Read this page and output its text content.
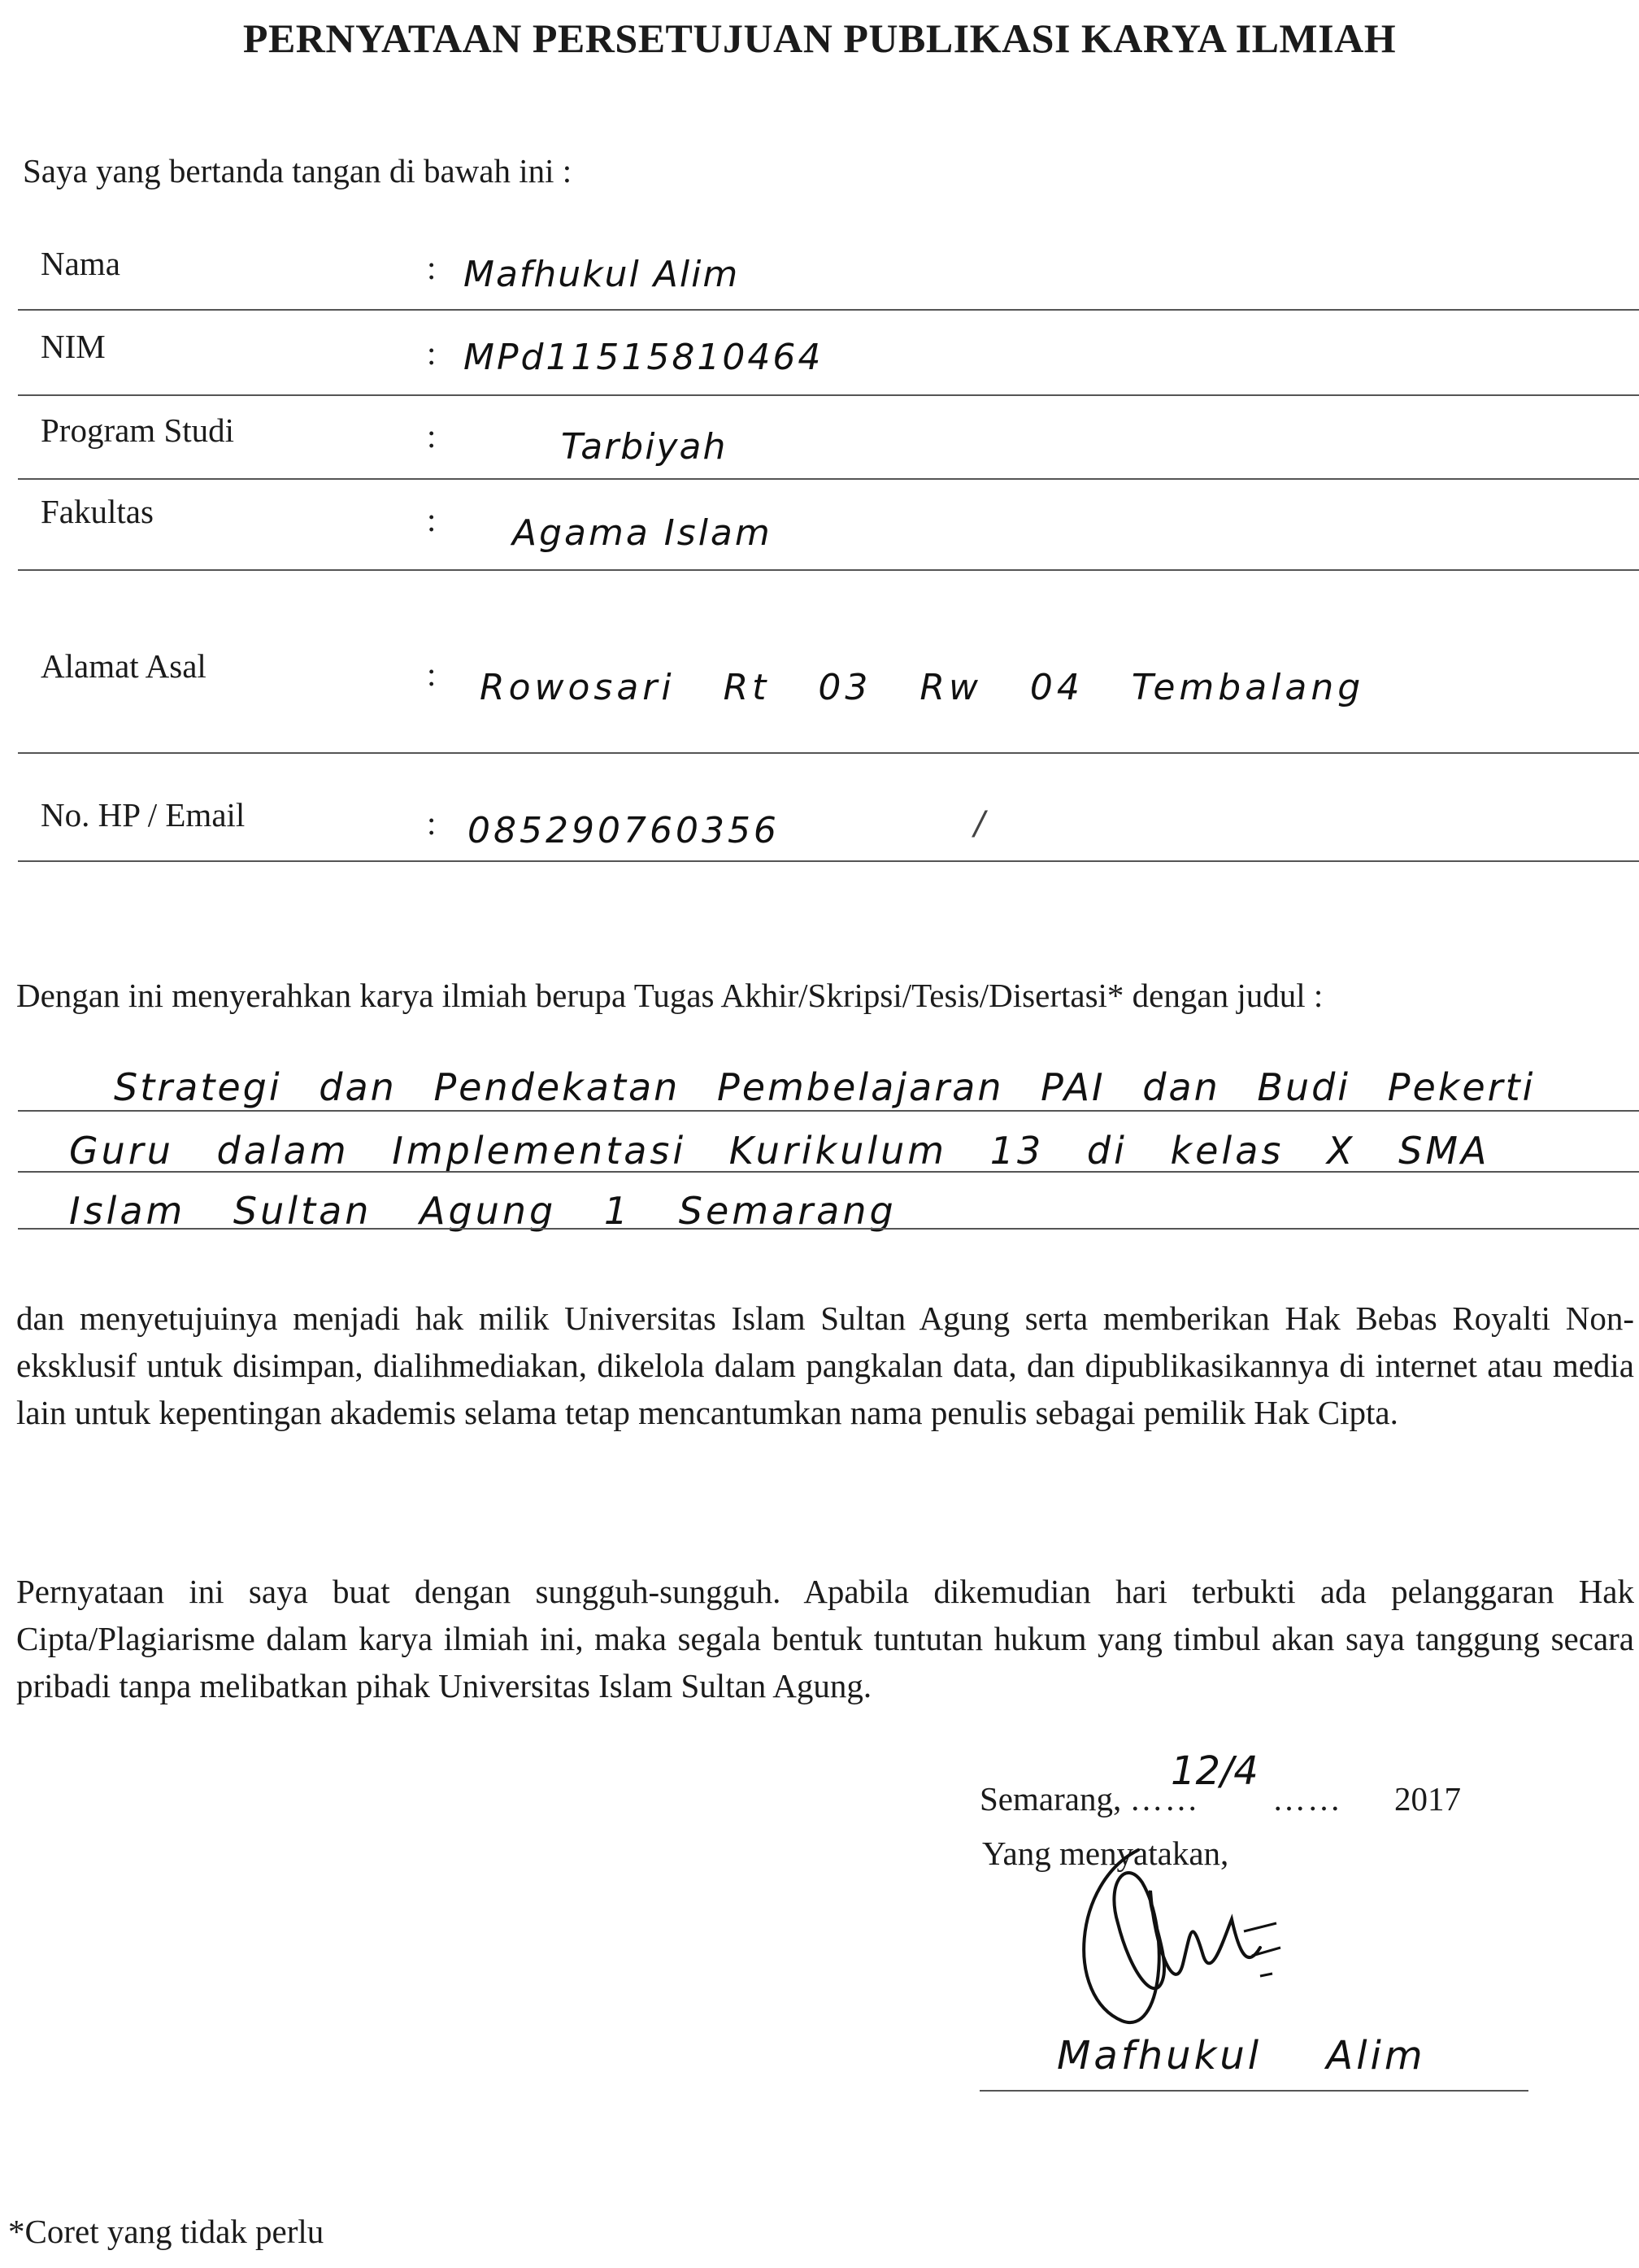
PERNYATAAN PERSETUJUAN PUBLIKASI KARYA ILMIAH
Saya yang bertanda tangan di bawah ini :
Nama	: Mafhukul Alim
NIM	: MPd11515810464
Program Studi	:	Tarbiyah
Fakultas	: Agama Islam
Alamat Asal	: Rowosari Rt 03 Rw 04 Tembalang
No. HP / Email	: 085290760356	/
Dengan ini menyerahkan karya ilmiah berupa Tugas Akhir/Skripsi/Tesis/Disertasi* dengan judul :
Strategi dan Pendekatan Pembelajaran PAI dan Budi Pekerti
Guru dalam Implementasi Kurikulum 13 di kelas X SMA
Islam Sultan Agung 1 Semarang
dan menyetujuinya menjadi hak milik Universitas Islam Sultan Agung serta memberikan Hak Bebas Royalti Non-eksklusif untuk disimpan, dialihmediakan, dikelola dalam pangkalan data, dan dipublikasikannya di internet atau media lain untuk kepentingan akademis selama tetap mencantumkan nama penulis sebagai pemilik Hak Cipta.
Pernyataan ini saya buat dengan sungguh-sungguh. Apabila dikemudian hari terbukti ada pelanggaran Hak Cipta/Plagiarisme dalam karya ilmiah ini, maka segala bentuk tuntutan hukum yang timbul akan saya tanggung secara pribadi tanpa melibatkan pihak Universitas Islam Sultan Agung.
Semarang, ……
12/4
…… 2017
Yang menyatakan,
Mafhukul Alim
*Coret yang tidak perlu
